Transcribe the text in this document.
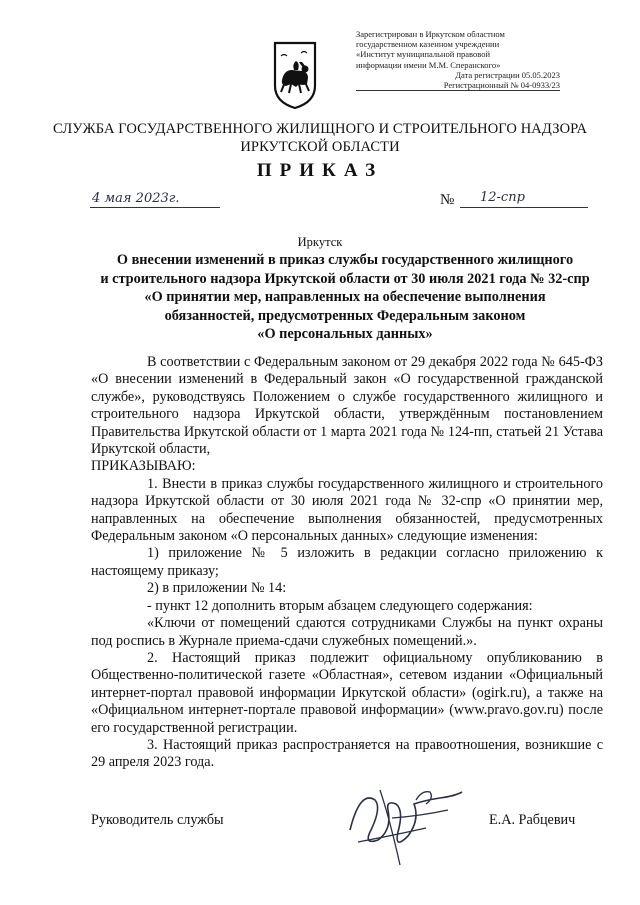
Зарегистрирован в Иркутском областном
государственном казенном учреждении
«Институт муниципальной правовой
информации имени М.М. Сперанского»
Дата регистрации 05.05.2023
Регистрационный № 04-0933/23
СЛУЖБА ГОСУДАРСТВЕННОГО ЖИЛИЩНОГО И СТРОИТЕЛЬНОГО НАДЗОРА
ИРКУТСКОЙ ОБЛАСТИ
ПРИКАЗ
4 мая 2023г.	№ 12-спр
Иркутск
О внесении изменений в приказ службы государственного жилищного
и строительного надзора Иркутской области от 30 июля 2021 года № 32-спр
«О принятии мер, направленных на обеспечение выполнения
обязанностей, предусмотренных Федеральным законом
«О персональных данных»

В соответствии с Федеральным законом от 29 декабря 2022 года № 645-ФЗ «О внесении изменений в Федеральный закон «О государственной гражданской службе», руководствуясь Положением о службе государственного жилищного и строительного надзора Иркутской области, утверждённым постановлением Правительства Иркутской области от 1 марта 2021 года № 124-пп, статьей 21 Устава Иркутской области,

ПРИКАЗЫВАЮ:

1. Внести в приказ службы государственного жилищного и строительного надзора Иркутской области от 30 июля 2021 года № 32-спр «О принятии мер, направленных на обеспечение выполнения обязанностей, предусмотренных Федеральным законом «О персональных данных» следующие изменения:

1) приложение № 5 изложить в редакции согласно приложению к настоящему приказу;

2) в приложении № 14:

- пункт 12 дополнить вторым абзацем следующего содержания:

«Ключи от помещений сдаются сотрудниками Службы на пункт охраны под роспись в Журнале приема-сдачи служебных помещений.».

2. Настоящий приказ подлежит официальному опубликованию в Общественно-политической газете «Областная», сетевом издании «Официальный интернет-портал правовой информации Иркутской области» (ogirk.ru), а также на «Официальном интернет-портале правовой информации» (www.pravo.gov.ru) после его государственной регистрации.

3. Настоящий приказ распространяется на правоотношения, возникшие с 29 апреля 2023 года.

Руководитель службы	Е.А. Рабцевич
